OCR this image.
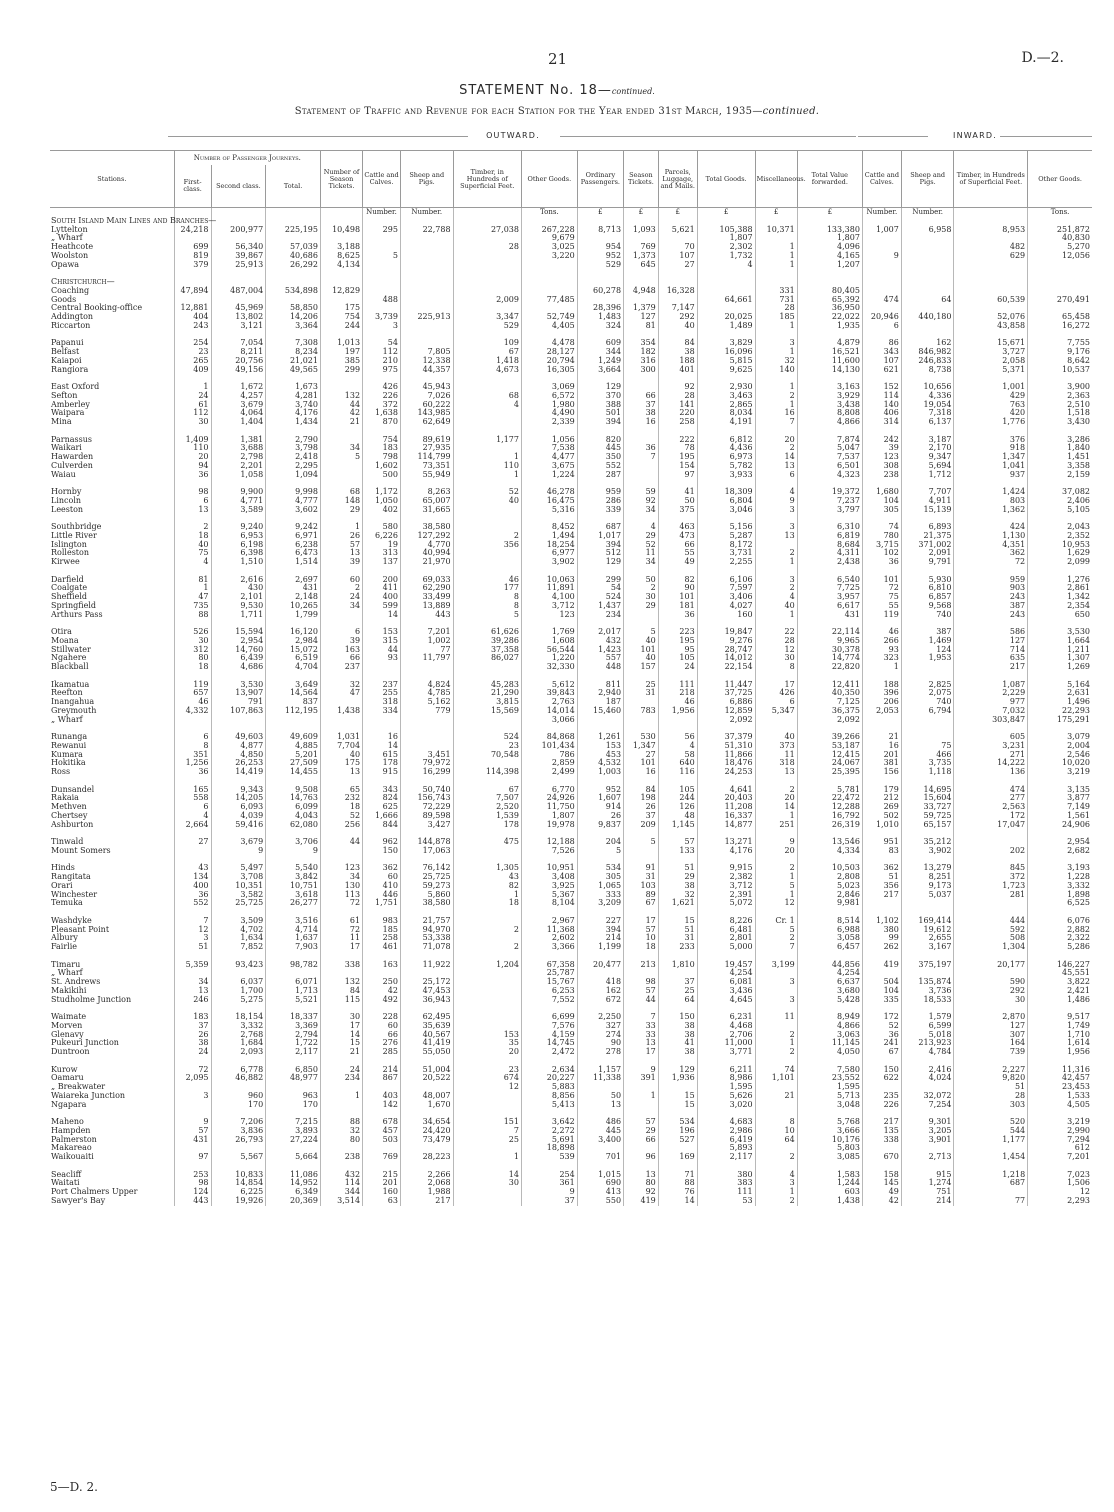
21	D.—2.
STATEMENT No. 18—continued.
Statement of Traffic and Revenue for each Station for the Year ended 31st March, 1935—continued.
OUTWARD.	INWARD.
Stations.	Number of Passenger Journeys.			Number of Season Tickets.	Cattle and Calves.	Sheep and Pigs.	Timber, in Hundreds of Superficial Feet.	Other Goods.	Ordinary Passengers.	Season Tickets.	Parcels, Luggage, and Mails.	Total Goods.	Miscellaneous.	Total Value forwarded.	Cattle and Calves.	Sheep and Pigs.	Timber, in Hundreds of Superficial Feet.	Other Goods.
	First-class.	Second class.	Total.															
					Number.	Number.		Tons.	£	£	£	£	£	£	Number.	Number.		Tons.
South Island Main Lines and Branches—																		
Lyttelton	24,218	200,977	225,195	10,498	295	22,788	27,038	267,228	8,713	1,093	5,621	105,388	10,371	133,380	1,007	6,958	8,953	251,872
„ Wharf								9,679				1,807		1,807				40,830
Heathcote	699	56,340	57,039	3,188			28	3,025	954	769	70	2,302	1	4,096			482	5,270
Woolston	819	39,867	40,686	8,625	5			3,220	952	1,373	107	1,732	1	4,165	9		629	12,056
Opawa	379	25,913	26,292	4,134					529	645	27	4	1	1,207				

Christchurch—																		
Coaching	47,894	487,004	534,898	12,829					60,278	4,948	16,328		331	80,405				
Goods					488		2,009	77,485				64,661	731	65,392	474	64	60,539	270,491
Central Booking-office	12,881	45,969	58,850	175					28,396	1,379	7,147		28	36,950				
Addington	404	13,802	14,206	754	3,739	225,913	3,347	52,749	1,483	127	292	20,025	185	22,022	20,946	440,180	52,076	65,458
Riccarton	243	3,121	3,364	244	3		529	4,405	324	81	40	1,489	1	1,935	6		43,858	16,272

Papanui	254	7,054	7,308	1,013	54		109	4,478	609	354	84	3,829	3	4,879	86	162	15,671	7,755
Belfast	23	8,211	8,234	197	112	7,805	67	28,127	344	182	38	16,096	1	16,521	343	846,982	3,727	9,176
Kaiapoi	265	20,756	21,021	385	210	12,338	1,418	20,794	1,249	316	188	5,815	32	11,600	107	246,833	2,058	8,642
Rangiora	409	49,156	49,565	299	975	44,357	4,673	16,305	3,664	300	401	9,625	140	14,130	621	8,738	5,371	10,537

East Oxford	1	1,672	1,673		426	45,943		3,069	129		92	2,930	1	3,163	152	10,656	1,001	3,900
Sefton	24	4,257	4,281	132	226	7,026	68	6,572	370	66	28	3,463	2	3,929	114	4,336	429	2,363
Amberley	61	3,679	3,740	44	372	60,222	4	1,980	388	37	141	2,865	1	3,438	140	19,054	763	2,510
Waipara	112	4,064	4,176	42	1,638	143,985		4,490	501	38	220	8,034	16	8,808	406	7,318	420	1,518
Mina	30	1,404	1,434	21	870	62,649		2,339	394	16	258	4,191	7	4,866	314	6,137	1,776	3,430

Parnassus	1,409	1,381	2,790		754	89,619	1,177	1,056	820		222	6,812	20	7,874	242	3,187	376	3,286
Waikari	110	3,688	3,798	34	183	27,935		7,538	445	36	78	4,436	2	5,047	39	2,170	918	1,840
Hawarden	20	2,798	2,418	5	798	114,799	1	4,477	350	7	195	6,973	14	7,537	123	9,347	1,347	1,451
Culverden	94	2,201	2,295		1,602	73,351	110	3,675	552		154	5,782	13	6,501	308	5,694	1,041	3,358
Waiau	36	1,058	1,094		500	55,949	1	1,224	287		97	3,933	6	4,323	238	1,712	937	2,159

Hornby	98	9,900	9,998	68	1,172	8,263	52	46,278	959	59	41	18,309	4	19,372	1,680	7,707	1,424	37,082
Lincoln	6	4,771	4,777	148	1,050	65,007	40	16,475	286	92	50	6,804	9	7,237	104	4,911	803	2,406
Leeston	13	3,589	3,602	29	402	31,665		5,316	339	34	375	3,046	3	3,797	305	15,139	1,362	5,105

Southbridge	2	9,240	9,242	1	580	38,580		8,452	687	4	463	5,156	3	6,310	74	6,893	424	2,043
Little River	18	6,953	6,971	26	6,226	127,292	2	1,494	1,017	29	473	5,287	13	6,819	780	21,375	1,130	2,352
Islington	40	6,198	6,238	57	19	4,770	356	18,254	394	52	66	8,172		8,684	3,715	371,002	4,351	10,953
Rolleston	75	6,398	6,473	13	313	40,994		6,977	512	11	55	3,731	2	4,311	102	2,091	362	1,629
Kirwee	4	1,510	1,514	39	137	21,970		3,902	129	34	49	2,255	1	2,438	36	9,791	72	2,099

Darfield	81	2,616	2,697	60	200	69,033	46	10,063	299	50	82	6,106	3	6,540	101	5,930	959	1,276
Coalgate	1	430	431	2	411	62,290	177	11,891	54	2	90	7,597	2	7,725	72	6,810	903	2,861
Sheffield	47	2,101	2,148	24	400	33,499	8	4,100	524	30	101	3,406	4	3,957	75	6,857	243	1,342
Springfield	735	9,530	10,265	34	599	13,889	8	3,712	1,437	29	181	4,027	40	6,617	55	9,568	387	2,354
Arthurs Pass	88	1,711	1,799		14	443	5	123	234		36	160	1	431	119	740	243	650

Otira	526	15,594	16,120	6	153	7,201	61,626	1,769	2,017	5	223	19,847	22	22,114	46	387	586	3,530
Moana	30	2,954	2,984	39	315	1,002	39,286	1,608	432	40	195	9,276	28	9,965	266	1,469	127	1,664
Stillwater	312	14,760	15,072	163	44	77	37,358	56,544	1,423	101	95	28,747	12	30,378	93	124	714	1,211
Ngahere	80	6,439	6,519	66	93	11,797	86,027	1,220	557	40	105	14,012	30	14,774	323	1,953	635	1,307
Blackball	18	4,686	4,704	237				32,330	448	157	24	22,154	8	22,820	1		217	1,269

Ikamatua	119	3,530	3,649	32	237	4,824	45,283	5,612	811	25	111	11,447	17	12,411	188	2,825	1,087	5,164
Reefton	657	13,907	14,564	47	255	4,785	21,290	39,843	2,940	31	218	37,725	426	40,350	396	2,075	2,229	2,631
Inangahua	46	791	837		318	5,162	3,815	2,763	187		46	6,886	6	7,125	206	740	977	1,496
Greymouth	4,332	107,863	112,195	1,438	334	779	15,569	14,014	15,460	783	1,956	12,859	5,347	36,375	2,053	6,794	7,032	22,293
„ Wharf								3,066				2,092		2,092			303,847	175,291

Runanga	6	49,603	49,609	1,031	16		524	84,868	1,261	530	56	37,379	40	39,266	21		605	3,079
Rewanui	8	4,877	4,885	7,704	14		23	101,434	153	1,347	4	51,310	373	53,187	16	75	3,231	2,004
Kumara	351	4,850	5,201	40	615	3,451	70,548	786	453	27	58	11,866	11	12,415	201	466	271	2,546
Hokitika	1,256	26,253	27,509	175	178	79,972		2,859	4,532	101	640	18,476	318	24,067	381	3,735	14,222	10,020
Ross	36	14,419	14,455	13	915	16,299	114,398	2,499	1,003	16	116	24,253	13	25,395	156	1,118	136	3,219

Dunsandel	165	9,343	9,508	65	343	50,740	67	6,770	952	84	105	4,641	2	5,781	179	14,695	474	3,135
Rakaia	558	14,205	14,763	232	824	156,743	7,507	24,926	1,607	198	244	20,403	20	22,472	212	15,604	277	3,877
Methven	6	6,093	6,099	18	625	72,229	2,520	11,750	914	26	126	11,208	14	12,288	269	33,727	2,563	7,149
Chertsey	4	4,039	4,043	52	1,666	89,598	1,539	1,807	26	37	48	16,337	1	16,792	502	59,725	172	1,561
Ashburton	2,664	59,416	62,080	256	844	3,427	178	19,978	9,837	209	1,145	14,877	251	26,319	1,010	65,157	17,047	24,906

Tinwald	27	3,679	3,706	44	962	144,878	475	12,188	204	5	57	13,271	9	13,546	951	35,212		2,954
Mount Somers		9	9		150	17,063		7,526	5		133	4,176	20	4,334	83	3,902	202	2,682

Hinds	43	5,497	5,540	123	362	76,142	1,305	10,951	534	91	51	9,915	2	10,503	362	13,279	845	3,193
Rangitata	134	3,708	3,842	34	60	25,725	43	3,408	305	31	29	2,382	1	2,808	51	8,251	372	1,228
Orari	400	10,351	10,751	130	410	59,273	82	3,925	1,065	103	38	3,712	5	5,023	356	9,173	1,723	3,332
Winchester	36	3,582	3,618	113	446	5,860	1	5,367	333	89	32	2,391	1	2,846	217	5,037	281	1,898
Temuka	552	25,725	26,277	72	1,751	38,580	18	8,104	3,209	67	1,621	5,072	12	9,981				6,525

Washdyke	7	3,509	3,516	61	983	21,757		2,967	227	17	15	8,226	Cr. 1	8,514	1,102	169,414	444	6,076
Pleasant Point	12	4,702	4,714	72	185	94,970	2	11,368	394	57	51	6,481	5	6,988	380	19,612	592	2,882
Albury	3	1,634	1,637	11	258	53,338		2,602	214	10	31	2,801	2	3,058	99	2,655	508	2,322
Fairlie	51	7,852	7,903	17	461	71,078	2	3,366	1,199	18	233	5,000	7	6,457	262	3,167	1,304	5,286

Timaru	5,359	93,423	98,782	338	163	11,922	1,204	67,358	20,477	213	1,810	19,457	3,199	44,856	419	375,197	20,177	146,227
„ Wharf								25,787				4,254		4,254				45,551
St. Andrews	34	6,037	6,071	132	250	25,172		15,767	418	98	37	6,081	3	6,637	504	135,874	590	3,822
Makikihi	13	1,700	1,713	84	42	47,453		6,253	162	57	25	3,436		3,680	104	3,736	292	2,421
Studholme Junction	246	5,275	5,521	115	492	36,943		7,552	672	44	64	4,645	3	5,428	335	18,533	30	1,486

Waimate	183	18,154	18,337	30	228	62,495		6,699	2,250	7	150	6,231	11	8,949	172	1,579	2,870	9,517
Morven	37	3,332	3,369	17	60	35,639		7,576	327	33	38	4,468		4,866	52	6,599	127	1,749
Glenavy	26	2,768	2,794	14	66	40,567	153	4,159	274	33	38	2,706	2	3,063	36	5,018	307	1,710
Pukeuri Junction	38	1,684	1,722	15	276	41,419	35	14,745	90	13	41	11,000	1	11,145	241	213,923	164	1,614
Duntroon	24	2,093	2,117	21	285	55,050	20	2,472	278	17	38	3,771	2	4,050	67	4,784	739	1,956

Kurow	72	6,778	6,850	24	214	51,004	23	2,634	1,157	9	129	6,211	74	7,580	150	2,416	2,227	11,316
Oamaru	2,095	46,882	48,977	234	867	20,522	674	20,227	11,338	391	1,936	8,986	1,101	23,552	622	4,024	9,820	42,457
„ Breakwater							12	5,883				1,595		1,595			51	23,453
Waiareka Junction	3	960	963	1	403	48,007		8,856	50	1	15	5,626	21	5,713	235	32,072	28	1,533
Ngapara		170	170		142	1,670		5,413	13		15	3,020		3,048	226	7,254	303	4,505

Maheno	9	7,206	7,215	88	678	34,654	151	3,642	486	57	534	4,683	8	5,768	217	9,301	520	3,219
Hampden	57	3,836	3,893	32	457	24,420	7	2,272	445	29	196	2,986	10	3,666	135	3,205	544	2,990
Palmerston	431	26,793	27,224	80	503	73,479	25	5,691	3,400	66	527	6,419	64	10,176	338	3,901	1,177	7,294
Makareao								18,898				5,893		5,803				612
Waikouaiti	97	5,567	5,664	238	769	28,223	1	539	701	96	169	2,117	2	3,085	670	2,713	1,454	7,201

Seacliff	253	10,833	11,086	432	215	2,266	14	254	1,015	13	71	380	4	1,583	158	915	1,218	7,023
Waitati	98	14,854	14,952	114	201	2,068	30	361	690	80	88	383	3	1,244	145	1,274	687	1,506
Port Chalmers Upper	124	6,225	6,349	344	160	1,988		9	413	92	76	111	1	603	49	751		12
Sawyer's Bay	443	19,926	20,369	3,514	63	217		37	550	419	14	53	2	1,438	42	214	77	2,293
5—D. 2.
